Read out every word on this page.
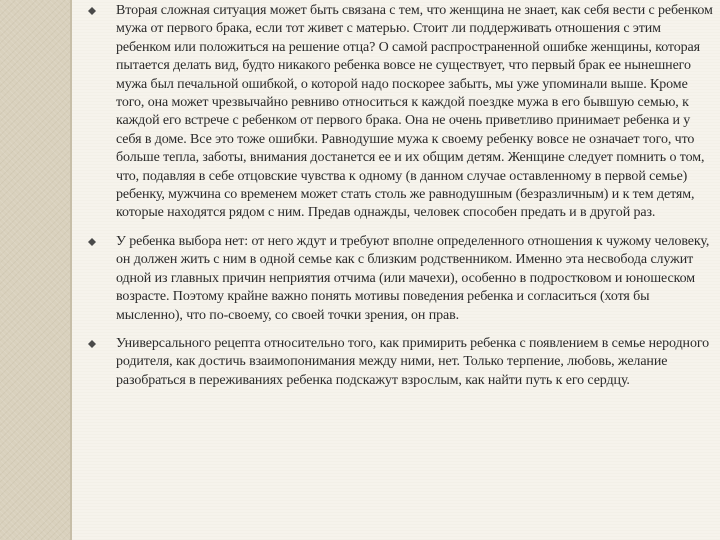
Вторая сложная ситуация может быть связана с тем, что женщина не знает, как себя вести с ребенком мужа от первого брака, если тот живет с матерью. Стоит ли поддерживать отношения с этим ребенком или положиться на решение отца? О самой распространенной ошибке женщины, которая пытается делать вид, будто никакого ребенка вовсе не существует, что первый брак ее нынешнего мужа был печальной ошибкой, о которой надо поскорее забыть, мы уже упоминали выше. Кроме того, она может чрезвычайно ревниво относиться к каждой поездке мужа в его бывшую семью, к каждой его встрече с ребенком от первого брака. Она не очень приветливо принимает ребенка и у себя в доме. Все это тоже ошибки. Равнодушие мужа к своему ребенку вовсе не означает того, что больше тепла, заботы, внимания достанется ее и их общим детям. Женщине следует помнить о том, что, подавляя в себе отцовские чувства к одному (в данном случае оставленному в первой семье) ребенку, мужчина со временем может стать столь же равнодушным (безразличным) и к тем детям, которые находятся рядом с ним. Предав однажды, человек способен предать и в другой раз.
У ребенка выбора нет: от него ждут и требуют вполне определенного отношения к чужому человеку, он должен жить с ним в одной семье как с близким родственником. Именно эта несвобода служит одной из главных причин неприятия отчима (или мачехи), особенно в подростковом и юношеском возрасте. Поэтому крайне важно понять мотивы поведения ребенка и согласиться (хотя бы мысленно), что по-своему, со своей точки зрения, он прав.
Универсального рецепта относительно того, как примирить ребенка с появлением в семье неродного родителя, как достичь взаимопонимания между ними, нет. Только терпение, любовь, желание разобраться в переживаниях ребенка подскажут взрослым, как найти путь к его сердцу.
